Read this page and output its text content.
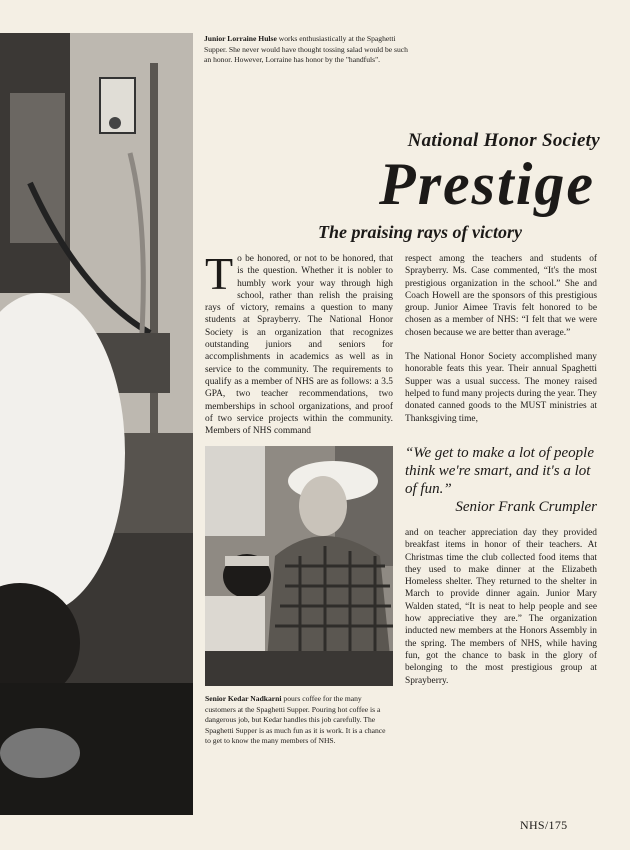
Junior Lorraine Hulse works enthusiastically at the Spaghetti Supper. She never would have thought tossing salad would be such an honor. However, Lorraine has honor by the "handfuls".

National Honor Society
Prestige
The praising rays of victory

To be honored, or not to be honored, that is the question. Whether it is nobler to humbly work your way through high school, rather than relish the praising rays of victory, remains a question to many students at Sprayberry. The National Honor Society is an organization that recognizes outstanding juniors and seniors for accomplishments in academics as well as in service to the community. The requirements to qualify as a member of NHS are as follows: a 3.5 GPA, two teacher recommendations, two memberships in school organizations, and proof of two service projects within the community. Members of NHS command

respect among the teachers and students of Sprayberry. Ms. Case commented, “It's the most prestigious organization in the school.” She and Coach Howell are the sponsors of this prestigious group. Junior Aimee Travis felt honored to be chosen as a member of NHS: “I felt that we were chosen because we are better than average.”

The National Honor Society accomplished many honorable feats this year. Their annual Spaghetti Supper was a usual success. The money raised helped to fund many projects during the year. They donated canned goods to the MUST ministries at Thanksgiving time,

“We get to make a lot of people think we're smart, and it's a lot of fun.”
Senior Frank Crumpler

Senior Kedar Nadkarni pours coffee for the many customers at the Spaghetti Supper. Pouring hot coffee is a dangerous job, but Kedar handles this job carefully. The Spaghetti Supper is as much fun as it is work. It is a chance to get to know the many members of NHS.

and on teacher appreciation day they provided breakfast items in honor of their teachers. At Christmas time the club collected food items that they used to make dinner at the Elizabeth Homeless shelter. They returned to the shelter in March to provide dinner again. Junior Mary Walden stated, “It is neat to help people and see how appreciative they are.” The organization inducted new members at the Honors Assembly in the spring. The members of NHS, while having fun, got the chance to bask in the glory of belonging to the most prestigious group at Sprayberry.

NHS/175
